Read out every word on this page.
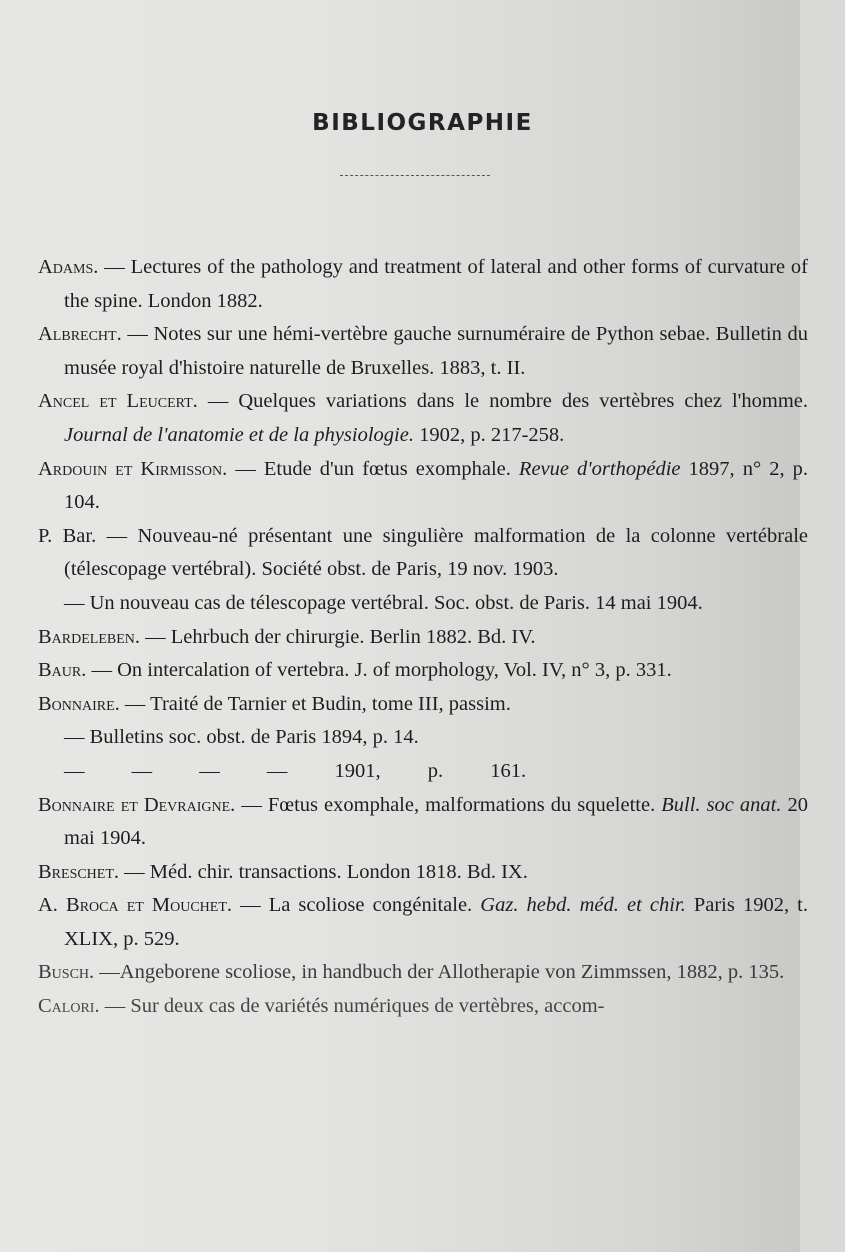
BIBLIOGRAPHIE
Adams. — Lectures of the pathology and treatment of lateral and other forms of curvature of the spine. London 1882.
Albrecht. — Notes sur une hémi-vertèbre gauche surnuméraire de Python sebae. Bulletin du musée royal d'histoire naturelle de Bruxelles. 1883, t. II.
Ancel et Leucert. — Quelques variations dans le nombre des vertèbres chez l'homme. Journal de l'anatomie et de la physiologie. 1902, p. 217-258.
Ardouin et Kirmisson. — Etude d'un fœtus exomphale. Revue d'orthopédie 1897, n° 2, p. 104.
P. Bar. — Nouveau-né présentant une singulière malformation de la colonne vertébrale (télescopage vertébral). Société obst. de Paris, 19 nov. 1903.
— Un nouveau cas de télescopage vertébral. Soc. obst. de Paris. 14 mai 1904.
Bardeleben. — Lehrbuch der chirurgie. Berlin 1882. Bd. IV.
Baur. — On intercalation of vertebra. J. of morphology, Vol. IV, n° 3, p. 331.
Bonnaire. — Traité de Tarnier et Budin, tome III, passim.
— Bulletins soc. obst. de Paris 1894, p. 14.
— — — — 1901, p. 161.
Bonnaire et Devraigne. — Fœtus exomphale, malformations du squelette. Bull. soc anat. 20 mai 1904.
Breschet. — Méd. chir. transactions. London 1818. Bd. IX.
A. Broca et Mouchet. — La scoliose congénitale. Gaz. hebd. méd. et chir. Paris 1902, t. XLIX, p. 529.
Busch. —Angeborene scoliose, in handbuch der Allotherapie von Zimmssen, 1882, p. 135.
Calori. — Sur deux cas de variétés numériques de vertèbres, accom-
